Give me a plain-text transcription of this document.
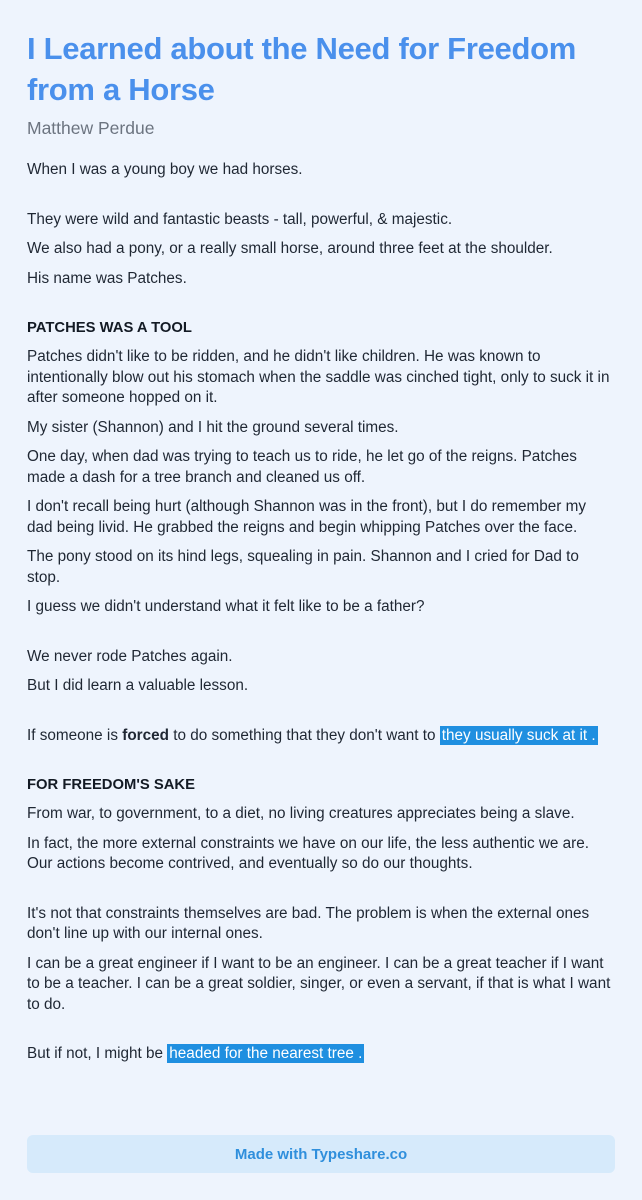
I Learned about the Need for Freedom from a Horse
Matthew Perdue

When I was a young boy we had horses.

They were wild and fantastic beasts - tall, powerful, & majestic.

We also had a pony, or a really small horse, around three feet at the shoulder.

His name was Patches.

PATCHES WAS A TOOL

Patches didn't like to be ridden, and he didn't like children. He was known to intentionally blow out his stomach when the saddle was cinched tight, only to suck it in after someone hopped on it.

My sister (Shannon) and I hit the ground several times.

One day, when dad was trying to teach us to ride, he let go of the reigns. Patches made a dash for a tree branch and cleaned us off.

I don't recall being hurt (although Shannon was in the front), but I do remember my dad being livid. He grabbed the reigns and begin whipping Patches over the face.

The pony stood on its hind legs, squealing in pain. Shannon and I cried for Dad to stop.

I guess we didn't understand what it felt like to be a father?

We never rode Patches again.

But I did learn a valuable lesson.

If someone is forced to do something that they don't want to they usually suck at it .

FOR FREEDOM'S SAKE

From war, to government, to a diet, no living creatures appreciates being a slave.

In fact, the more external constraints we have on our life, the less authentic we are. Our actions become contrived, and eventually so do our thoughts.

It's not that constraints themselves are bad. The problem is when the external ones don't line up with our internal ones.

I can be a great engineer if I want to be an engineer. I can be a great teacher if I want to be a teacher. I can be a great soldier, singer, or even a servant, if that is what I want to do.

But if not, I might be headed for the nearest tree .

Made with Typeshare.co
